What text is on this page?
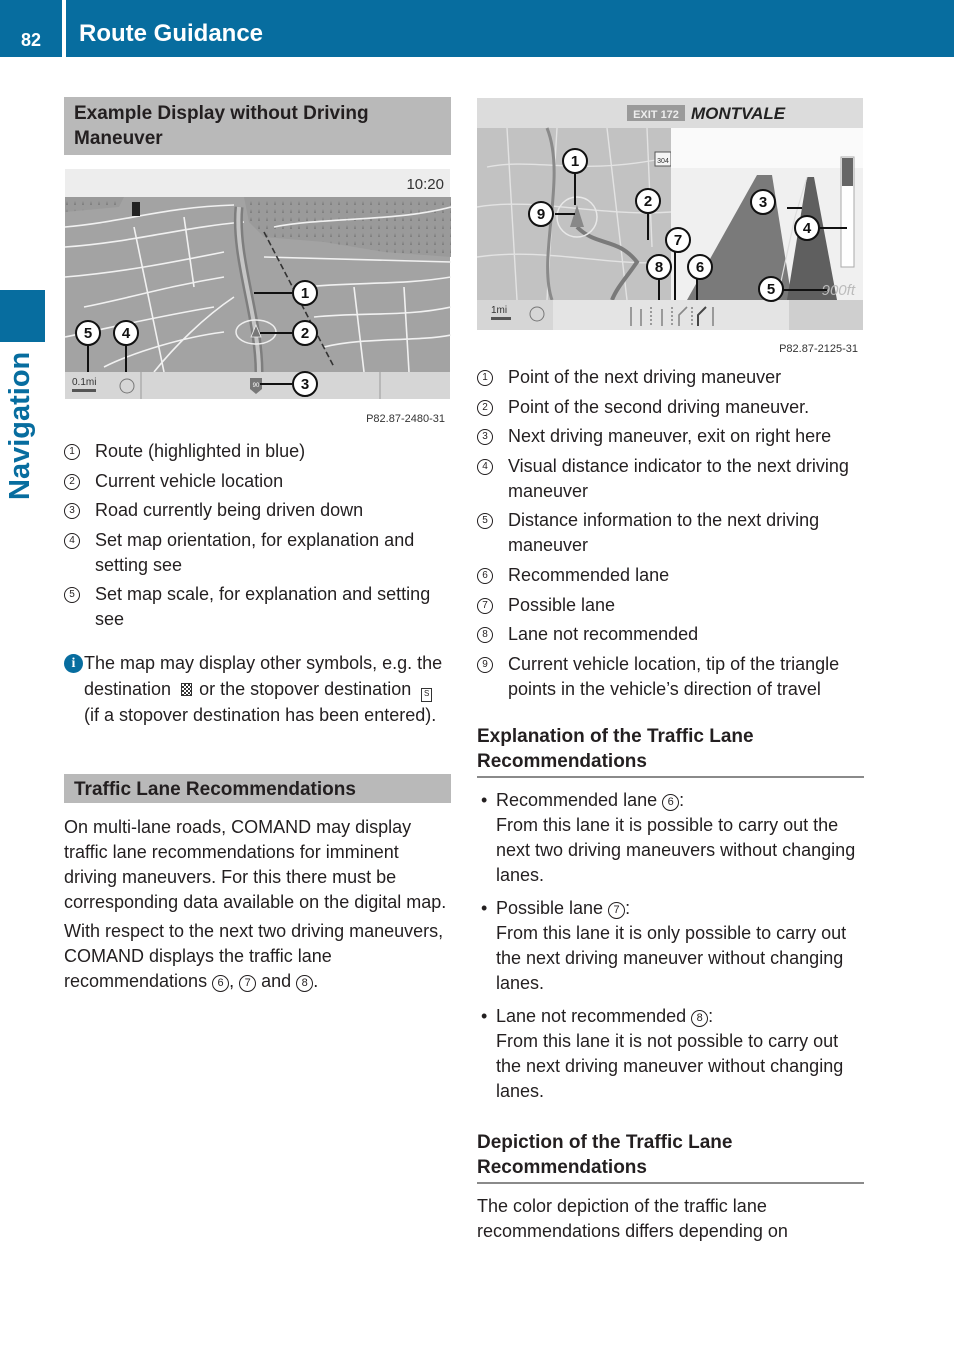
82	Route Guidance
Navigation
Example Display without Driving Maneuver
10:20
0.1mi	90
1
2
3
4
5
P82.87-2480-31
1 Route (highlighted in blue)
2 Current vehicle location
3 Road currently being driven down
4 Set map orientation, for explanation and setting see
5 Set map scale, for explanation and setting see
i The map may display other symbols, e.g. the destination or the stopover destination S(if a stopover destination has been entered).
Traffic Lane Recommendations

On multi-lane roads, COMAND may display traffic lane recommendations for imminent driving maneuvers. For this there must be corresponding data available on the digital map.

With respect to the next two driving maneuvers, COMAND displays the traffic lane recommendations 6 , 7 and 8 .

EXIT 172 MONTVALE
304
900ft
1mi
1
2	3
4
5
6
7
8
9
P82.87-2125-31
1 Point of the next driving maneuver
2 Point of the second driving maneuver.
3 Next driving maneuver, exit on right here
4 Visual distance indicator to the next driving maneuver
5 Distance information to the next driving maneuver
6 Recommended lane
7 Possible lane
8 Lane not recommended
9 Current vehicle location, tip of the triangle points in the vehicle’s direction of travel
Explanation of the Traffic Lane Recommendations
• Recommended lane 6 :
From this lane it is possible to carry out the next two driving maneuvers without changing lanes.
• Possible lane 7 :
From this lane it is only possible to carry out the next driving maneuver without changing lanes.
• Lane not recommended 8 :
From this lane it is not possible to carry out the next driving maneuver without changing lanes.
Depiction of the Traffic Lane Recommendations

The color depiction of the traffic lane recommendations differs depending on
